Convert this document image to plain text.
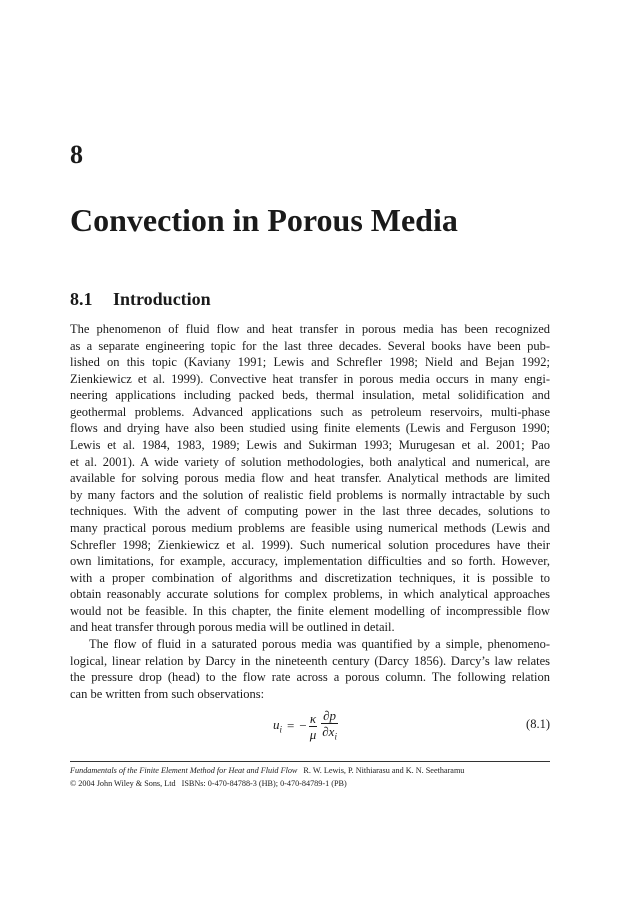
8
Convection in Porous Media
8.1 Introduction
The phenomenon of fluid flow and heat transfer in porous media has been recognized
as a separate engineering topic for the last three decades. Several books have been pub-
lished on this topic (Kaviany 1991; Lewis and Schrefler 1998; Nield and Bejan 1992;
Zienkiewicz et al. 1999). Convective heat transfer in porous media occurs in many engi-
neering applications including packed beds, thermal insulation, metal solidification and
geothermal problems. Advanced applications such as petroleum reservoirs, multi-phase
flows and drying have also been studied using finite elements (Lewis and Ferguson 1990;
Lewis et al. 1984, 1983, 1989; Lewis and Sukirman 1993; Murugesan et al. 2001; Pao
et al. 2001). A wide variety of solution methodologies, both analytical and numerical, are
available for solving porous media flow and heat transfer. Analytical methods are limited
by many factors and the solution of realistic field problems is normally intractable by such
techniques. With the advent of computing power in the last three decades, solutions to
many practical porous medium problems are feasible using numerical methods (Lewis and
Schrefler 1998; Zienkiewicz et al. 1999). Such numerical solution procedures have their
own limitations, for example, accuracy, implementation difficulties and so forth. However,
with a proper combination of algorithms and discretization techniques, it is possible to
obtain reasonably accurate solutions for complex problems, in which analytical approaches
would not be feasible. In this chapter, the finite element modelling of incompressible flow
and heat transfer through porous media will be outlined in detail.
The flow of fluid in a saturated porous media was quantified by a simple, phenomeno-
logical, linear relation by Darcy in the nineteenth century (Darcy 1856). Darcy’s law relates
the pressure drop (head) to the flow rate across a porous column. The following relation
can be written from such observations:
$u_i$ = − $\frac{\kappa}{\mu} \frac{\partial p}{\partial x_i}$	(8.1)
Fundamentals of the Finite Element Method for Heat and Fluid Flow R. W. Lewis, P. Nithiarasu and K. N. Seetharamu
© 2004 John Wiley & Sons, Ltd ISBNs: 0-470-84788-3 (HB); 0-470-84789-1 (PB)
